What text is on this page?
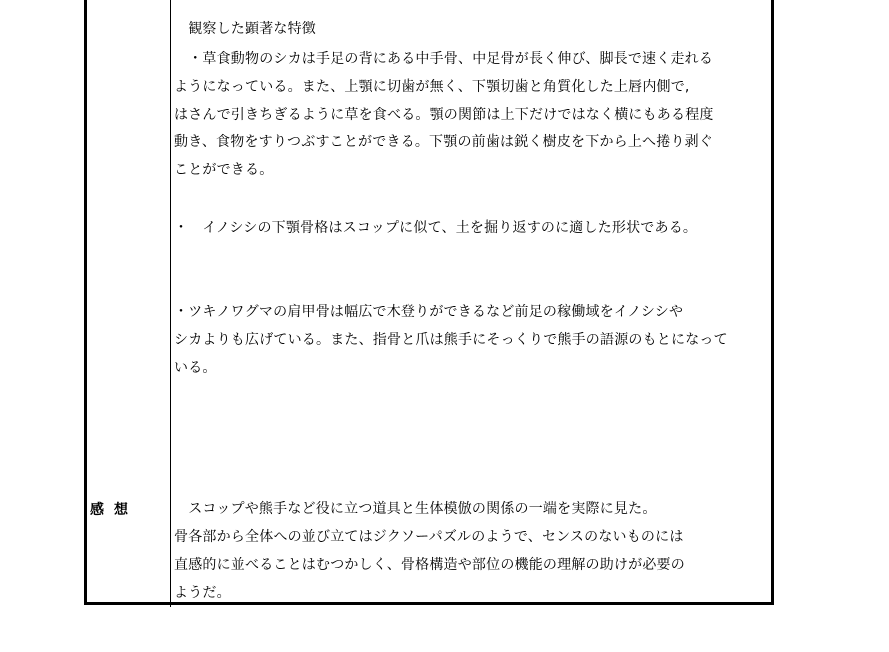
　観察した顕著な特徴
　・草食動物のシカは手足の背にある中手骨、中足骨が長く伸び、脚長で速く走れる
ようになっている。また、上顎に切歯が無く、下顎切歯と角質化した上唇内側で,
はさんで引きちぎるように草を食べる。顎の関節は上下だけではなく横にもある程度
動き、食物をすりつぶすことができる。下顎の前歯は鋭く樹皮を下から上へ捲り剥ぐ
ことができる。
・　イノシシの下顎骨格はスコップに似て、土を掘り返すのに適した形状である。
・ツキノワグマの肩甲骨は幅広で木登りができるなど前足の稼働域をイノシシや
シカよりも広げている。また、指骨と爪は熊手にそっくりで熊手の語源のもとになって
いる。
感想	　スコップや熊手など役に立つ道具と生体模倣の関係の一端を実際に見た。
骨各部から全体への並び立てはジクソーパズルのようで、センスのないものには
直感的に並べることはむつかしく、骨格構造や部位の機能の理解の助けが必要の
ようだ。
